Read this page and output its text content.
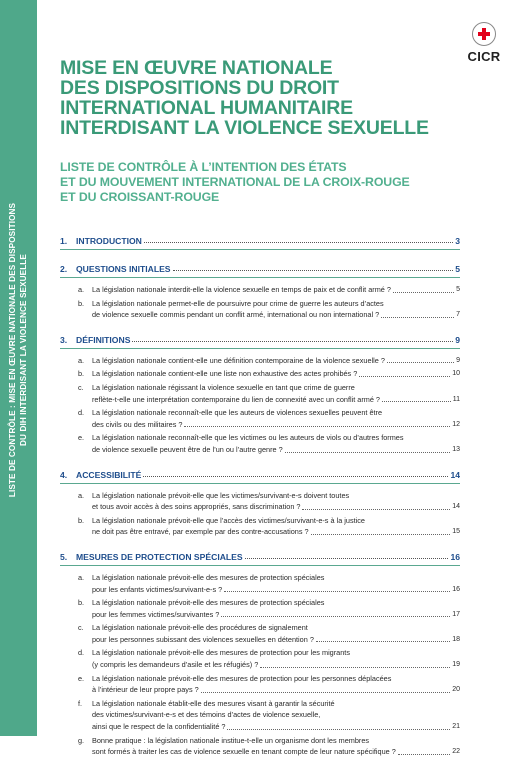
LISTE DE CONTRÔLE : MISE EN ŒUVRE NATIONALE DES DISPOSITIONS DU DIH INTERDISANT LA VIOLENCE SEXUELLE
CICR
MISE EN ŒUVRE NATIONALE
DES DISPOSITIONS DU DROIT
INTERNATIONAL HUMANITAIRE
INTERDISANT LA VIOLENCE SEXUELLE
LISTE DE CONTRÔLE À L’INTENTION DES ÉTATS
ET DU MOUVEMENT INTERNATIONAL DE LA CROIX-ROUGE
ET DU CROISSANT-ROUGE
1.	INTRODUCTION	3
2.	QUESTIONS INITIALES	5
a.	La législation nationale interdit-elle la violence sexuelle en temps de paix et de conflit armé ?	5
b.	La législation nationale permet-elle de poursuivre pour crime de guerre les auteurs d’actes
de violence sexuelle commis pendant un conflit armé, international ou non international ?	7
3.	DÉFINITIONS	9
a.	La législation nationale contient-elle une définition contemporaine de la violence sexuelle ?	9
b.	La législation nationale contient-elle une liste non exhaustive des actes prohibés ?	10
c.	La législation nationale régissant la violence sexuelle en tant que crime de guerre
reflète-t-elle une interprétation contemporaine du lien de connexité avec un conflit armé ?	11
d.	La législation nationale reconnaît-elle que les auteurs de violences sexuelles peuvent être
des civils ou des militaires ?	12
e.	La législation nationale reconnaît-elle que les victimes ou les auteurs de viols ou d’autres formes
de violence sexuelle peuvent être de l’un ou l’autre genre ?	13
4.	ACCESSIBILITÉ	14
a.	La législation nationale prévoit-elle que les victimes/survivant-e-s doivent toutes
et tous avoir accès à des soins appropriés, sans discrimination ?	14
b.	La législation nationale prévoit-elle que l’accès des victimes/survivant-e-s à la justice
ne doit pas être entravé, par exemple par des contre-accusations ?	15
5.	MESURES DE PROTECTION SPÉCIALES	16
a.	La législation nationale prévoit-elle des mesures de protection spéciales
pour les enfants victimes/survivant-e-s ?	16
b.	La législation nationale prévoit-elle des mesures de protection spéciales
pour les femmes victimes/survivantes ?	17
c.	La législation nationale prévoit-elle des procédures de signalement
pour les personnes subissant des violences sexuelles en détention ?	18
d.	La législation nationale prévoit-elle des mesures de protection pour les migrants
(y compris les demandeurs d’asile et les réfugiés) ?	19
e.	La législation nationale prévoit-elle des mesures de protection pour les personnes déplacées
à l’intérieur de leur propre pays ?	20
f.	La législation nationale établit-elle des mesures visant à garantir la sécurité
des victimes/survivant-e-s et des témoins d’actes de violence sexuelle,
ainsi que le respect de la confidentialité ?	21
g.	Bonne pratique : la législation nationale institue-t-elle un organisme dont les membres
sont formés à traiter les cas de violence sexuelle en tenant compte de leur nature spécifique ?	22
